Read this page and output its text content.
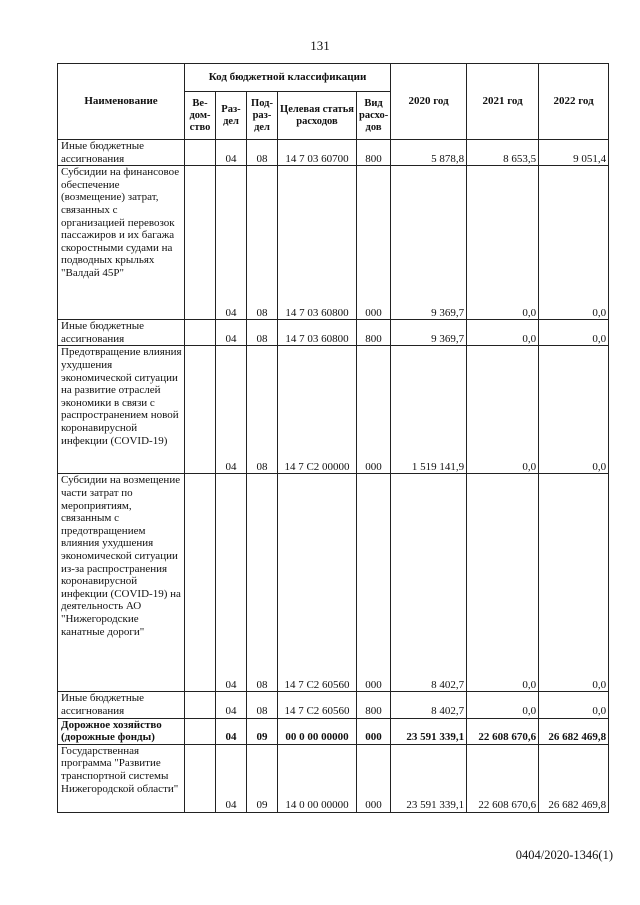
131
Наименование	Код бюджетной классификации					2020 год	2021 год	2022 год
	Ве-дом-ство	Раз-дел	Под-раз-дел	Целевая статья расходов	Вид расхо-дов			
Иные бюджетные ассигнования		04	08	14 7 03 60700	800	5 878,8	8 653,5	9 051,4
Субсидии на финансовое обеспечение (возмещение) затрат, связанных с организацией перевозок пассажиров и их багажа скоростными судами на подводных крыльях "Валдай 45Р"		04	08	14 7 03 60800	000	9 369,7	0,0	0,0
Иные бюджетные ассигнования		04	08	14 7 03 60800	800	9 369,7	0,0	0,0
Предотвращение влияния ухудшения экономической ситуации на развитие отраслей экономики в связи с распространением новой коронавирусной инфекции (COVID-19)		04	08	14 7 C2 00000	000	1 519 141,9	0,0	0,0
Субсидии на возмещение части затрат по мероприятиям, связанным с предотвращением влияния ухудшения экономической ситуации из-за распространения коронавирусной инфекции (COVID-19) на деятельность АО "Нижегородские канатные дороги"		04	08	14 7 C2 60560	000	8 402,7	0,0	0,0
Иные бюджетные ассигнования		04	08	14 7 C2 60560	800	8 402,7	0,0	0,0
Дорожное хозяйство (дорожные фонды)		04	09	00 0 00 00000	000	23 591 339,1	22 608 670,6	26 682 469,8
Государственная программа "Развитие транспортной системы Нижегородской области"		04	09	14 0 00 00000	000	23 591 339,1	22 608 670,6	26 682 469,8
0404/2020-1346(1)
